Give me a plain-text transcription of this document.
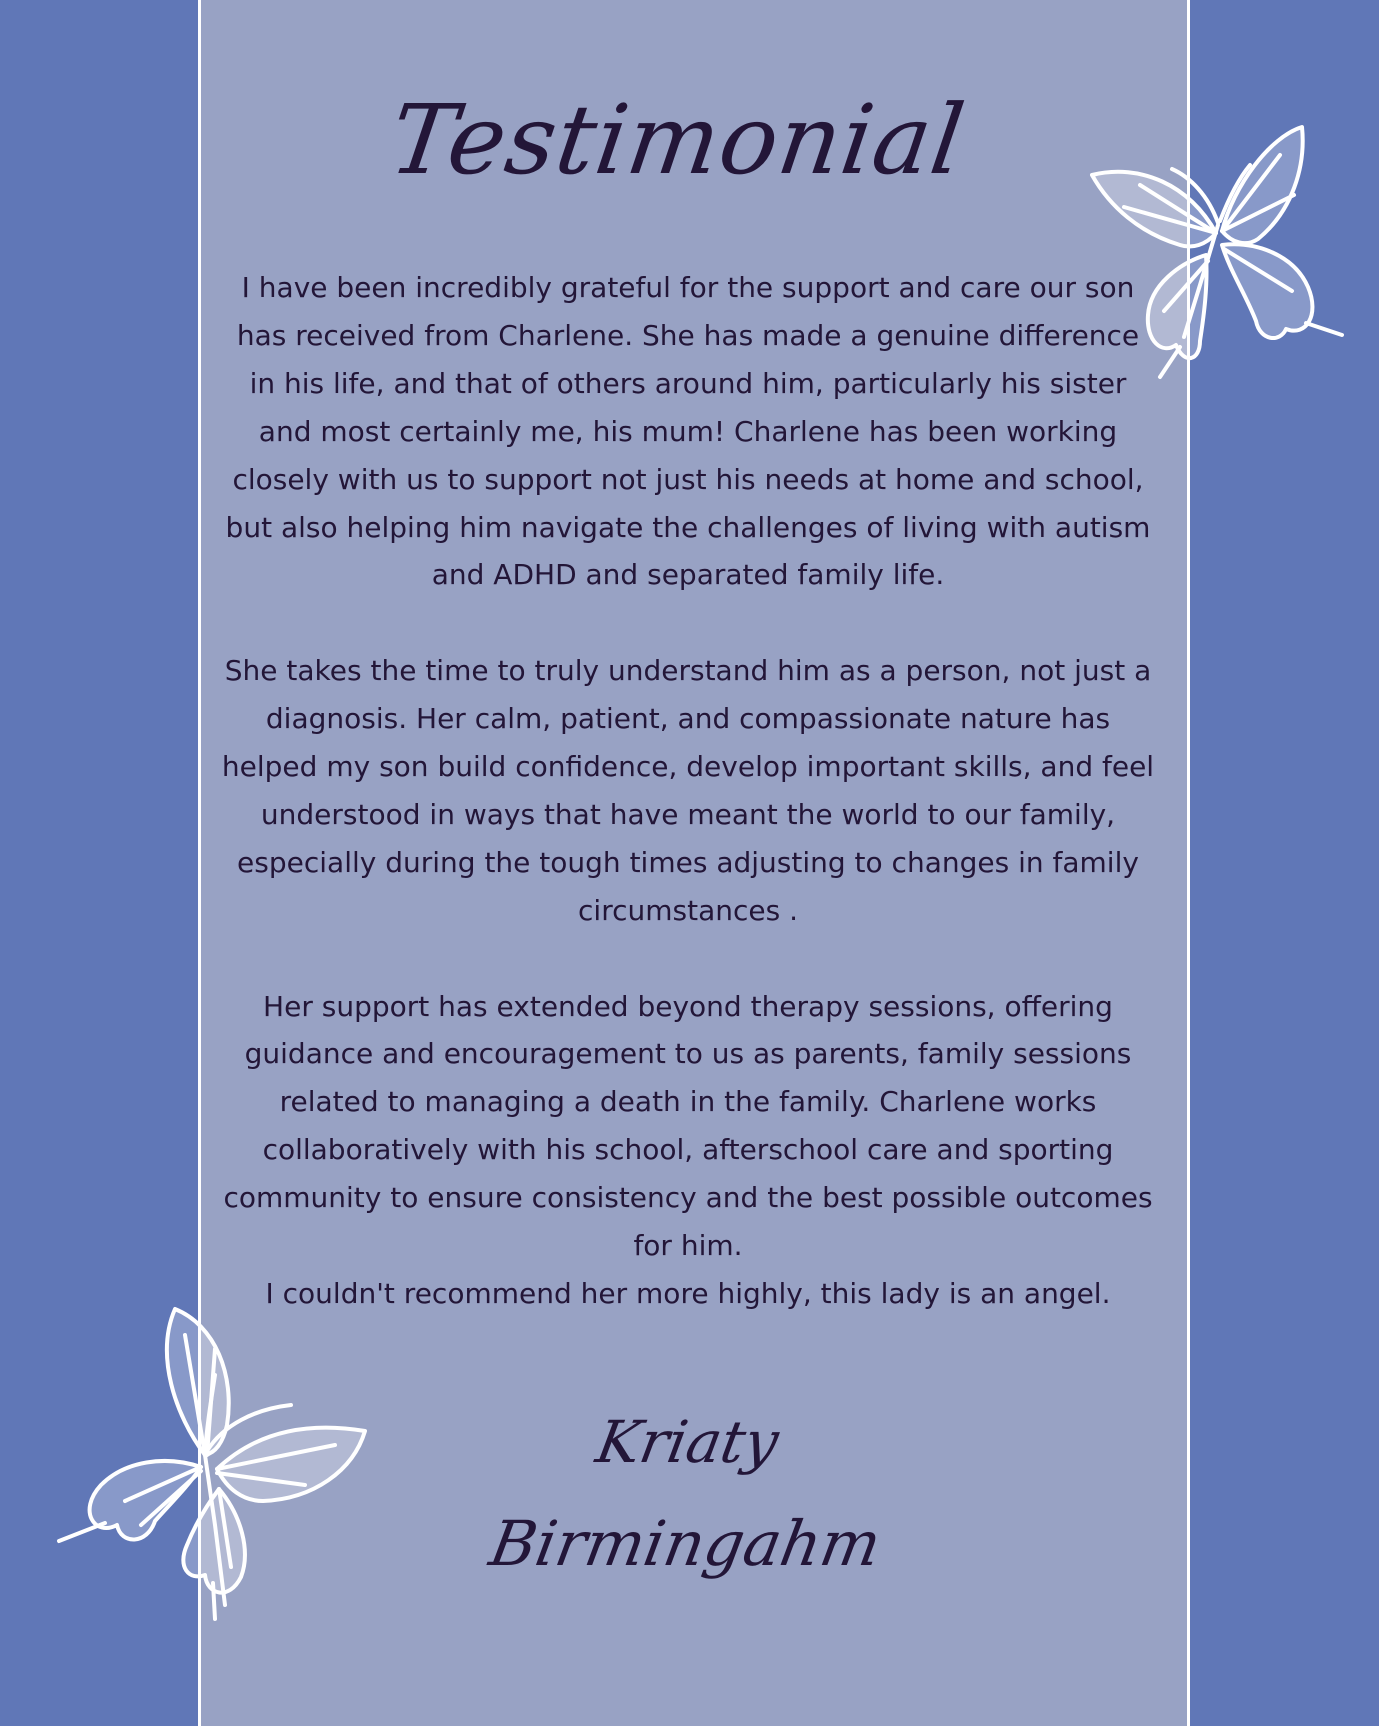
Testimonial

I have been incredibly grateful for the support and care our son has received from Charlene. She has made a genuine difference in his life, and that of others around him, particularly his sister and most certainly me, his mum! Charlene has been working closely with us to support not just his needs at home and school, but also helping him navigate the challenges of living with autism and ADHD and separated family life.

She takes the time to truly understand him as a person, not just a diagnosis. Her calm, patient, and compassionate nature has helped my son build confidence, develop important skills, and feel understood in ways that have meant the world to our family, especially during the tough times adjusting to changes in family circumstances .

Her support has extended beyond therapy sessions, offering guidance and encouragement to us as parents, family sessions related to managing a death in the family. Charlene works collaboratively with his school, afterschool care and sporting community to ensure consistency and the best possible outcomes for him.

I couldn't recommend her more highly, this lady is an angel.

Kriaty
Birmingahm
